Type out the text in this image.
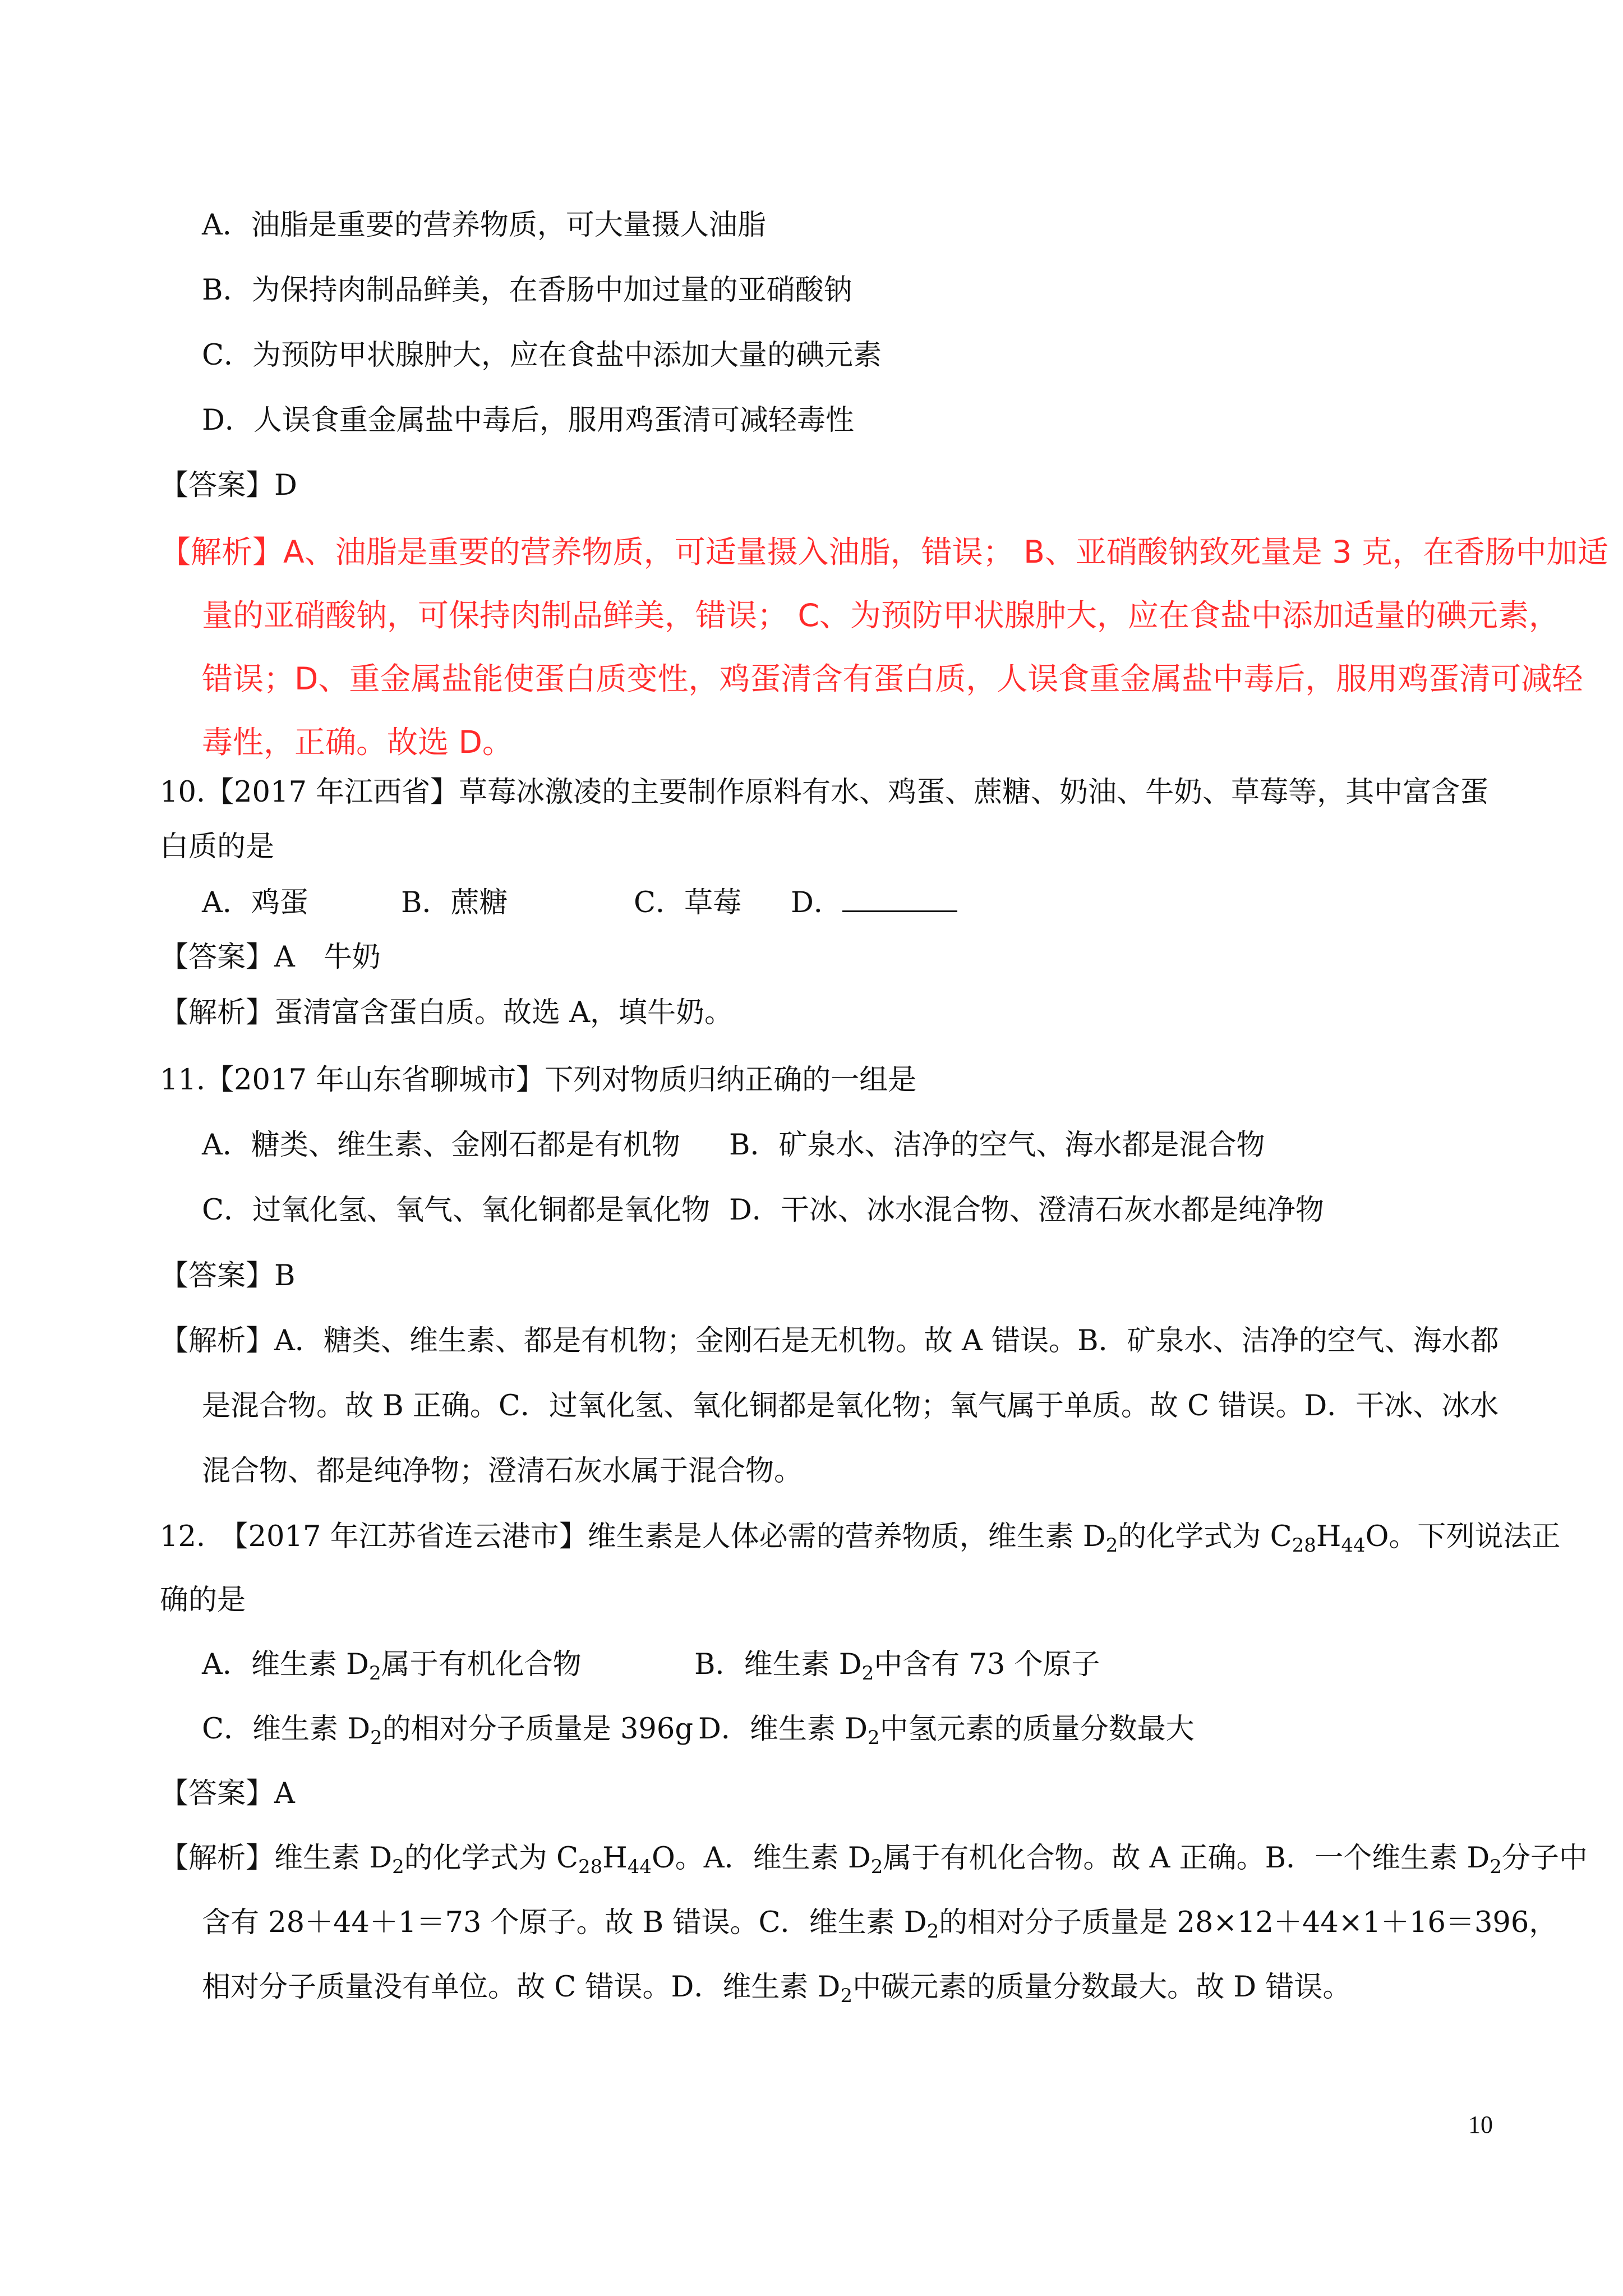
A．油脂是重要的营养物质，可大量摄人油脂
B．为保持肉制品鲜美，在香肠中加过量的亚硝酸钠
C．为预防甲状腺肿大，应在食盐中添加大量的碘元素
D．人误食重金属盐中毒后，服用鸡蛋清可减轻毒性
【答案】D
【解析】A、油脂是重要的营养物质，可适量摄入油脂，错误； B、亚硝酸钠致死量是 3 克，在香肠中加适
量的亚硝酸钠，可保持肉制品鲜美，错误； C、为预防甲状腺肿大，应在食盐中添加适量的碘元素，
错误；D、重金属盐能使蛋白质变性，鸡蛋清含有蛋白质，人误食重金属盐中毒后，服用鸡蛋清可减轻
毒性，正确。故选 D。
10.【2017 年江西省】草莓冰激凌的主要制作原料有水、鸡蛋、蔗糖、奶油、牛奶、草莓等，其中富含蛋
白质的是
A．鸡蛋	B．蔗糖	C．草莓 D．
【答案】A　牛奶
【解析】蛋清富含蛋白质。故选 A，填牛奶。
11.【2017 年山东省聊城市】下列对物质归纳正确的一组是
A．糖类、维生素、金刚石都是有机物 B．矿泉水、洁净的空气、海水都是混合物
C．过氧化氢、氧气、氧化铜都是氧化物 D．干冰、冰水混合物、澄清石灰水都是纯净物
【答案】B
【解析】A．糖类、维生素、都是有机物；金刚石是无机物。故 A 错误。B．矿泉水、洁净的空气、海水都
是混合物。故 B 正确。C．过氧化氢、氧化铜都是氧化物；氧气属于单质。故 C 错误。D．干冰、冰水
混合物、都是纯净物；澄清石灰水属于混合物。
12.　【2017 年江苏省连云港市】维生素是人体必需的营养物质，维生素 $D_2$的化学式为 $C_{28}H_{44}O$。下列说法正
确的是
A．维生素 $D_2$属于有机化合物	B．维生素 $D_2$中含有 73 个原子
C．维生素 $D_2$的相对分子质量是 396g D．维生素 $D_2$中氢元素的质量分数最大
【答案】A
【解析】维生素 $D_2$的化学式为 $C_{28}H_{44}O$。A．维生素 $D_2$属于有机化合物。故 A 正确。B．一个维生素 $D_2$分子中
含有 28＋44＋1＝73 个原子。故 B 错误。C．维生素 $D_2$的相对分子质量是 28×12＋44×1＋16＝396，
相对分子质量没有单位。故 C 错误。D．维生素 $D_2$中碳元素的质量分数最大。故 D 错误。
10
